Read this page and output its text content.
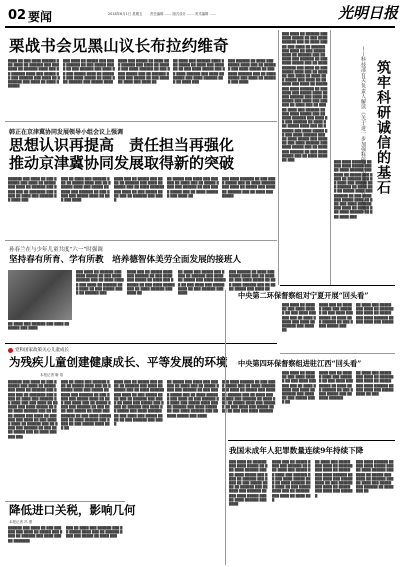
02 要闻	2018年6月1日 星期五 责任编辑 …… 版式设计 …… 美术编辑 ……	光明日报
栗战书会见黑山议长布拉约维奇
████ ██ ███ ████ ██████ ███ ████ ██ ██████ ███ ███ ████ ██ ██████ ████ ███ ██ ██████ ████ ███ █████ ██ ███ ██████ ███ ████ ██ ███████ ███ ████ ██ ████ ██████
███ ████ ██ █████ ███ ████ ██████ ██ ███ █████ ████ ██ ███ ██████ ███ ████ ██ ███ █████ ████ ██ ██████ ███ ████ █████ ██ ████ ███ ██████ ███ █████ ████
████ ███ █████ ██ ████ ███ ██████ ███ ████ ██ █████ ███ ████ ██████ ██ ███ ████ █████ ███ ██ ██████ ████ ███ █████ ██ ███ ██████ ████ ███ ████ ██
██ ████ ███ ██████ ████ ███ █████ ██ ████ ███ ██████ ██ ███ ████ █████ ███ ██ ████ ██████ ███ ████ ██ █████ ███ ████ ██████ ███ ██ ████ ███
███ ██████ ██ ████ ███ █████ ████ ███ ██ ██████ ███ ████ █████ ██ ███ ████ ██████ ███ ██ ████ █████ ███ ████ ██ ██████ ███ ████
韩正在京津冀协同发展领导小组会议上强调
思想认识再提高　责任担当再强化
推动京津冀协同发展取得新的突破
██████ ███ ████ ██ ███ ██████ ███ ████ ██ █████ ███ ████ ██ ██████ ███ ████ ███ ██ ███████ ███ ████ ██ ████ ███ ██████ ██ ████ ███
███ ██ ████ ███ ██████ ███ ██ █████ ████ ███ ██ ██████ ████ ███ █████ ██ ████ ███ ██████ ██ ███ ████ ███ █████ ████ ██ ███ ███ ████
████ ███ ██ █████ ███ ████ ██ ██████ ███ ████ ██ █████ ███ ██ ████ ██████ ███ ████ ██ ███ █████ ████ ███ ██ ██████ ███ ████
██ █████ ███ ████ ███ ██████ ██ ████ ███ ██ █████ ████ ███ ██████ ██ ███ ████ █████ ███ ██ ████ ██████ ███ ████ ██
███ ████ ██████ ██ ███ ████ █████ ███ ██ ████ ██████ ███ ████ ██ █████ ███ ████ ██ ██████ ███ ██ ████ ███ █████
孙春兰在与少年儿童共度“六一”时强调
坚持春有所育、学有所教　培养德智体美劳全面发展的接班人
██ ████ ███ ██████ ███ ████ ██ █████ ███ ████
███ ████ ██ ██████ ███ ████ █████ ██ ███ ████ ██████ ███ ██ ████ █████ ███ ████ ██ ██████ ███ ████ ██ ███ █████ ████ ██ ██████ ███
████ ███ ██ █████ ████ ███ ██████ ██ ███ ████ ███ █████ ██ ████ ███ ██████ ██ ███ ████ █████ ███ ██ ████ ██████ ███ ████ ██
██ ████ ███ █████ ███ ████ ██ ██████ ███ ████ ██ █████ ███ ████ ██████ ██ ███ ████ ███ █████ ████ ██ ███ ██████ ███ ████
███ ██████ ██ ████ ███ █████ ████ ███ ██ ██████ ███ ████ █████ ██ ███ ████ ██████ ███ ██ ████ █████ ███ ████ ██
党和国家政策关心儿童成长
为残疾儿童创建健康成长、平等发展的环境
本报记者 靳 取
██████ ███ ████ ██ ███ ██████ ███ ████ ██ █████ ███ ████ ██ ██████ ███ ████ ███ ██ ███████ ███ ████ ██ ████ ███ ██████ ██ ████ ███ ███ ████ ██ ██████ ███ ████ █████ ██ ███ ████ ██████ ███ ██ ████ █████ ███ ████ ██ ██████ ███ ████ ██ ███ █████ ████ ██ ██████ ███ ██ ████ ███ ██████ ██ ███ ████ █████ ███ ██ ████ ██████ ███
███ ██ ████ ███ ██████ ███ ██ █████ ████ ███ ██ ██████ ████ ███ █████ ██ ████ ███ ██████ ██ ███ ████ ███ █████ ████ ██ ███ ███ ████ ███ ██ █████ ████ ███ ██████ ██ ███ ████ ███ █████ ██ ████ ███ ██████ ██ ███ ████ █████ ███ ██ ████ ██████ ███ ████ ██ ███ █████ ████ ███ ██
████ ███ ██ █████ ███ ████ ██ ██████ ███ ████ ██ █████ ███ ██ ████ ██████ ███ ████ ██ ███ █████ ████ ███ ██ ██████ ███ ████ ██ ████ ███ █████ ███ ████ ██ ██████ ███ ████ ██ █████ ███ ████ ██████ ██ ███ ████ ███ █████ ████ ██ ███ ██████ ███ ████
██ █████ ███ ████ ███ ██████ ██ ████ ███ ██ █████ ████ ███ ██████ ██ ███ ████ █████ ███ ██ ████ ██████ ███ ████ ██ ███ ██████ ██ ████ ███ █████ ████ ███ ██ ██████ ███ ████ █████ ██ ███ ████ ██████ ███ ██ ████ █████ ███ ████
███ ████ ██████ ██ ███ ████ █████ ███ ██ ████ ██████ ███ ████ ██ █████ ███ ████ ██ ██████ ███ ██ ████ ███ █████ ███ ██████ ██ ████ ███ ██ █████ ████ ███ ██████ ██ ███ ████ ███ █████ ████ ██ ███ ███ ████ ██████
降低进口关税，影响几何
本报记者 冯 蕾
██████ ███ ████ ██ ███ ██████ ███ ████ ██ █████ ███ ████ ██ ██████ ███ ████ ███ ██ ███████
███ ██ ████ ███ ██████ ███ ██ █████ ████ ███ ██ ██████ ████ ███ █████ ██ ████ ███
███ ████ ██ ██████ ███ ████ █████ ██ ███ ████ ██████ ███ ██ ████ █████ ███ ████ ██ ██████ ███ ████ ██ ███ █████ ████ ██ ██████ ███ ██ ████ ███ ██████ ██ ███ ████ █████ ███ ██ ████ ██████ ███ ████ ██ ███ █████ ████ ███ ██ ██████ ███ ████ ██ ████ ███ █████ ███ ████ ██ ██████ ███ ████ ██ █████ ███ ████ ██████ ██ ███ ████ ███ █████ ████ ██ ███ ██████ ███ ████ ██ █████ ███ ████ ███ ██████ ██ ████ ███ ██ █████ ████ ███ ██████ ██ ███ ████ █████ ███ ██ ████ ██████ ███ ████ ██ ███ ██████ ██ ████ ███ █████ ████ ███ ██ ██████ ███ ████ █████ ██ ███ ████ ██████ ███ ██ ████ █████ ███ ████ ██ ███ ████ ██████ ███ ████ █████ ███ ██ ████ ███ ██████ ██ ███ ████ █████ ███ ██ ████ ██████ ███	███ ████ ██████ ██ ███ ████ █████ ███ ██ ████ ██████ ███ ████ ██ █████ ███ ████ ██ ██████ ███ ██ ████ ███ █████ ███ ██████ ██ ████ ███ ██ █████ ████ ███ ██████ ██ ███ ████ ███ █████ ████ ██ ███ ███ ████ ██████ ███ ████ ██ █████ ███ ████ ██████ ██ ███ ████ ███
筑牢科研诚信的基石
——科技部有关负责人解读《关于进一步加强科研诚信建设的若干意见》
中央第二环保督察组对宁夏开展“回头看”
███ ████ ██ ██████ ███ ████ █████ ██ ███ ████ ██████ ███ ██ ████ █████ ███ ████ ██ ██████ ███ ████ ██
████ ███ ██ █████ ████ ███ ██████ ██ ███ ████ ███ █████ ██ ████ ███ ██████ ██ ███ ████ █████ ███
██ ████ ███ █████ ███ ████ ██ ██████ ███ ████ ██ █████ ███ ████ ██████ ██ ███ ████ ███ █████
中央第四环保督察组进驻江西“回头看”
███ ████ ██ ██████ ███ ████ █████ ██ ███ ████ ██████ ███ ██ ████ █████ ███ ████ ██ ██████ ███ ████ ██ ███ █████ ████ ██
████ ███ ██ █████ ████ ███ ██████ ██ ███ ████ ███ █████ ██ ████ ███ ██████ ██ ███ ████ █████ ███ ██ ████ ██████
██ ████ ███ █████ ███ ████ ██ ██████ ███ ████ ██ █████ ███ ████ ██████ ██ ███ ████ ███ █████ ████ ██ ███
我国未成年人犯罪数量连续9年持续下降
███ ████ ██ ██████ ███ ████ █████ ██ ███ ████ ██████ ███ ██ ████ █████ ███ ████ ██ ██████ ███ ████ ██ ███ █████ ████ ██ ██████ ███ ██ ████ ███ ██████ ██ ███ ████ █████ ███ ██ ████ ██████ ███ ████
████ ███ ██ █████ ████ ███ ██████ ██ ███ ████ ███ █████ ██ ████ ███ ██████ ██ ███ ████ █████ ███ ██ ████ ██████ ███ ████ ██ ███ █████ ████ ███ ██ ██████ ███ ████ ██ ████ ███
██ ████ ███ █████ ███ ████ ██ ██████ ███ ████ ██ █████ ███ ████ ██████ ██ ███ ████ ███ █████ ████ ██ ███ ██████ ███ ████ ██ █████ ███ ████ ███ ██████
███ ████ ██████ ██ ███ ████ █████ ███ ██ ████ ██████ ███ ████ ██ █████ ███ ████ ██ ██████ ███ ██ ████ ███ █████ ███ ██████ ██ ████ ███ ██
